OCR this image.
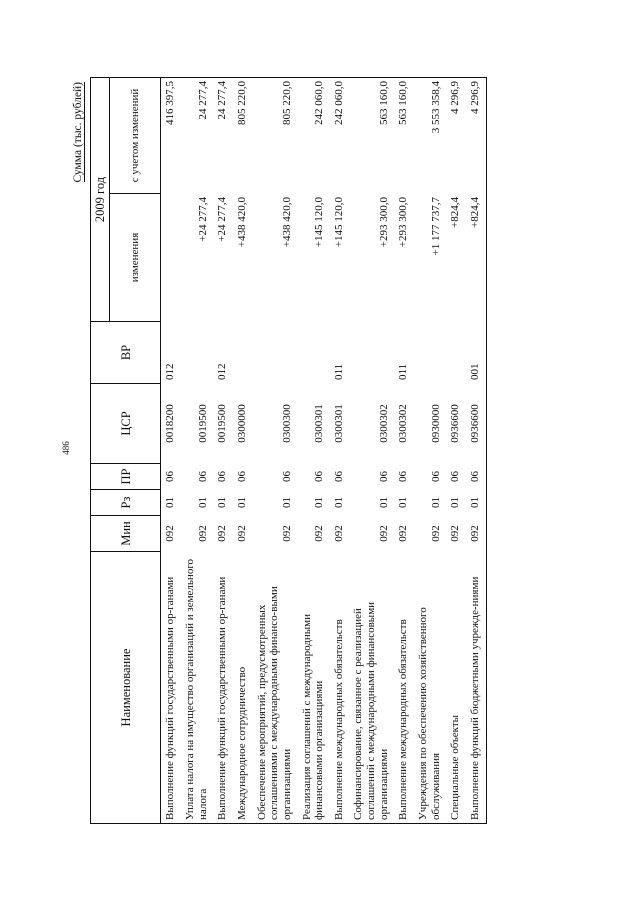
486
Сумма (тыс. рублей)
Наименование	Мин	Рз	ПР	ЦСР	ВР	2009 год	
						изменения	с учетом изменений
Выполнение функций государственными ор-ганами	092	01	06	0018200	012		416 397,5
Уплата налога на имущество организаций и земельного налога	092	01	06	0019500		+24 277,4	24 277,4
Выполнение функций государственными ор-ганами	092	01	06	0019500	012	+24 277,4	24 277,4
Международное сотрудничество	092	01	06	0300000		+438 420,0	805 220,0
Обеспечение мероприятий, предусмотренных соглашениями с международными финансо-выми организациями	092	01	06	0300300		+438 420,0	805 220,0
Реализация соглашений с международными финансовыми организациями	092	01	06	0300301		+145 120,0	242 060,0
Выполнение международных обязательств	092	01	06	0300301	011	+145 120,0	242 060,0
Софинансирование, связанное с реализацией соглашений с международными финансовыми организациями	092	01	06	0300302		+293 300,0	563 160,0
Выполнение международных обязательств	092	01	06	0300302	011	+293 300,0	563 160,0
Учреждения по обеспечению хозяйственного обслуживания	092	01	06	0930000		+1 177 737,7	3 553 358,4
Специальные объекты	092	01	06	0936600		+824,4	4 296,9
Выполнение функций бюджетными учрежде-ниями	092	01	06	0936600	001	+824,4	4 296,9
